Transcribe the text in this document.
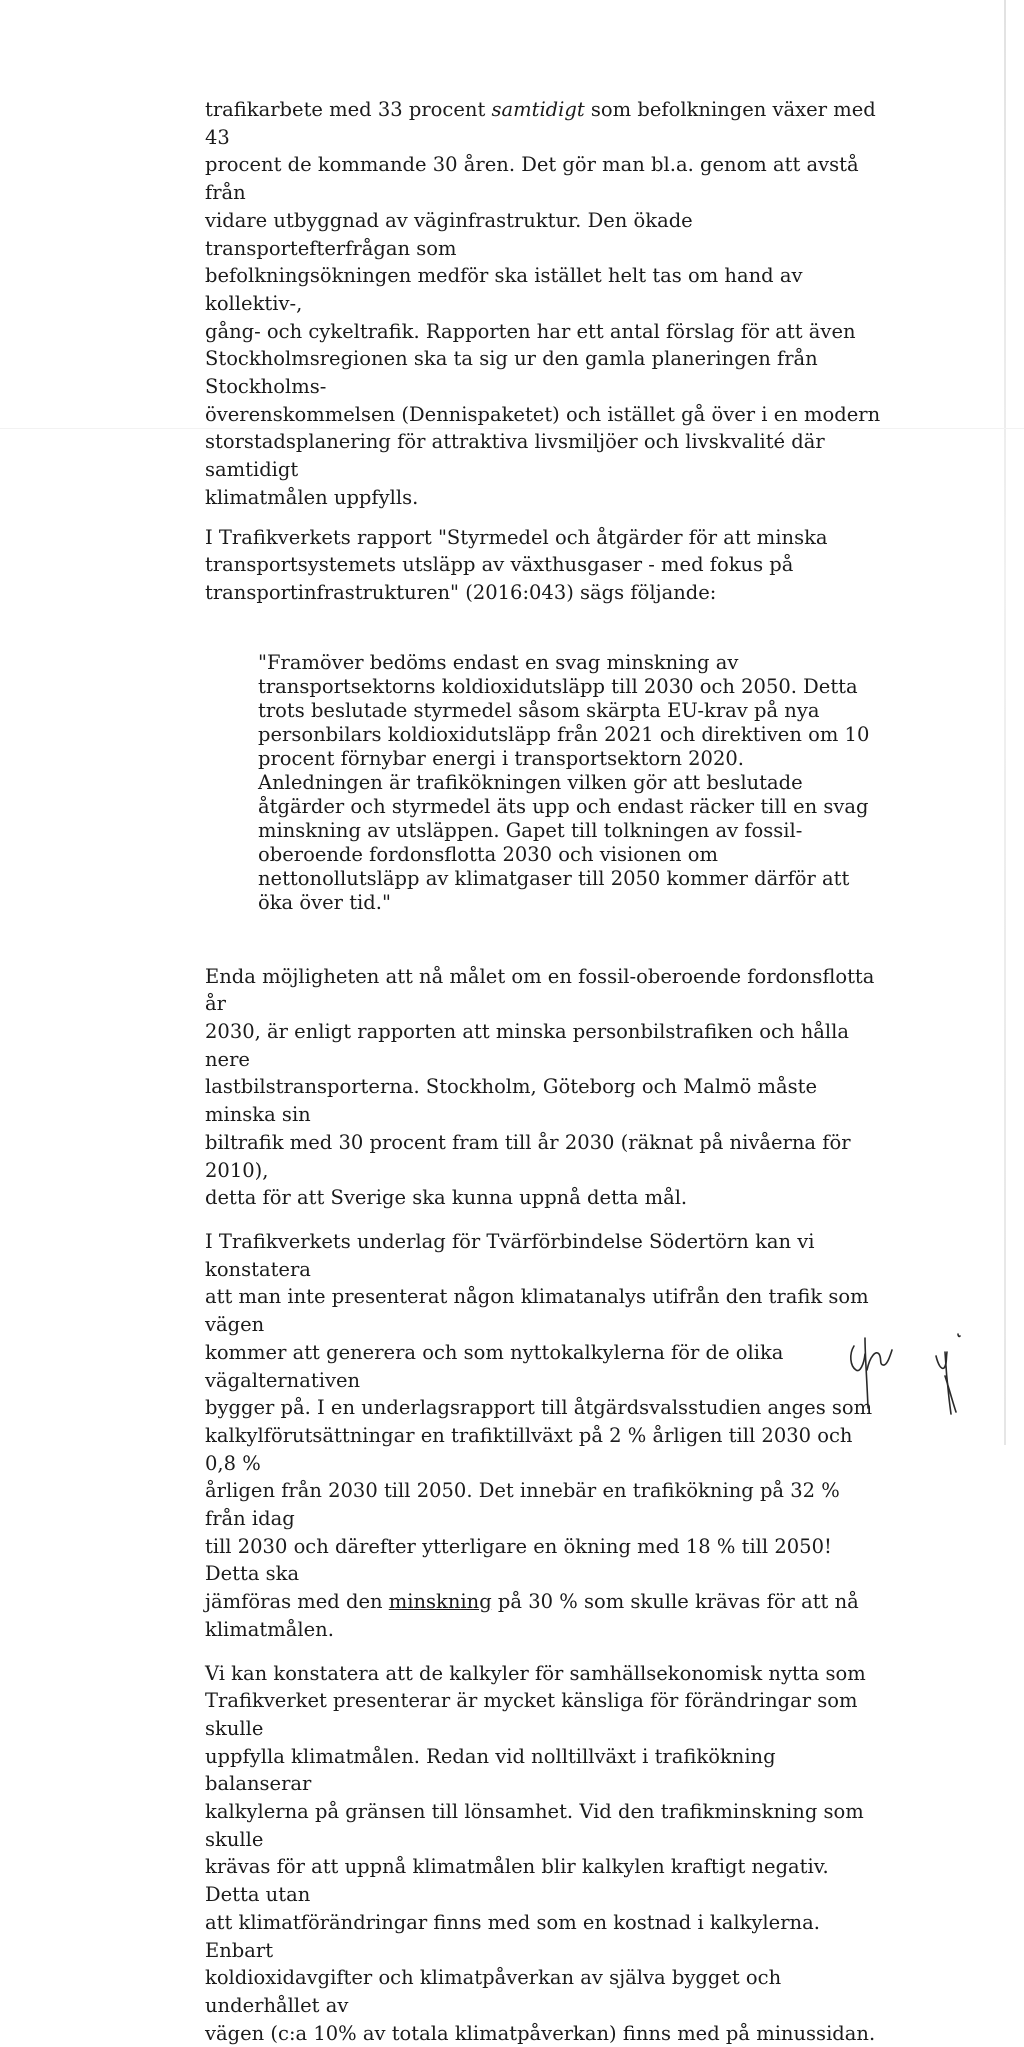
trafikarbete med 33 procent samtidigt som befolkningen växer med 43
procent de kommande 30 åren. Det gör man bl.a. genom att avstå från
vidare utbyggnad av väginfrastruktur. Den ökade transportefterfrågan som
befolkningsökningen medför ska istället helt tas om hand av kollektiv-,
gång- och cykeltrafik. Rapporten har ett antal förslag för att även
Stockholmsregionen ska ta sig ur den gamla planeringen från Stockholms-
överenskommelsen (Dennispaketet) och istället gå över i en modern
storstadsplanering för attraktiva livsmiljöer och livskvalité där samtidigt
klimatmålen uppfylls.

I Trafikverkets rapport "Styrmedel och åtgärder för att minska
transportsystemets utsläpp av växthusgaser - med fokus på
transportinfrastrukturen" (2016:043) sägs följande:

"Framöver bedöms endast en svag minskning av
transportsektorns koldioxidutsläpp till 2030 och 2050. Detta
trots beslutade styrmedel såsom skärpta EU-krav på nya
personbilars koldioxidutsläpp från 2021 och direktiven om 10
procent förnybar energi i transportsektorn 2020.
Anledningen är trafikökningen vilken gör att beslutade
åtgärder och styrmedel äts upp och endast räcker till en svag
minskning av utsläppen. Gapet till tolkningen av fossil-
oberoende fordonsflotta 2030 och visionen om
nettonollutsläpp av klimatgaser till 2050 kommer därför att
öka över tid."

Enda möjligheten att nå målet om en fossil-oberoende fordonsflotta år
2030, är enligt rapporten att minska personbilstrafiken och hålla nere
lastbilstransporterna. Stockholm, Göteborg och Malmö måste minska sin
biltrafik med 30 procent fram till år 2030 (räknat på nivåerna för 2010),
detta för att Sverige ska kunna uppnå detta mål.

I Trafikverkets underlag för Tvärförbindelse Södertörn kan vi konstatera
att man inte presenterat någon klimatanalys utifrån den trafik som vägen
kommer att generera och som nyttokalkylerna för de olika vägalternativen
bygger på. I en underlagsrapport till åtgärdsvalsstudien anges som
kalkylförutsättningar en trafiktillväxt på 2 % årligen till 2030 och 0,8 %
årligen från 2030 till 2050. Det innebär en trafikökning på 32 % från idag
till 2030 och därefter ytterligare en ökning med 18 % till 2050! Detta ska
jämföras med den minskning på 30 % som skulle krävas för att nå
klimatmålen.

Vi kan konstatera att de kalkyler för samhällsekonomisk nytta som
Trafikverket presenterar är mycket känsliga för förändringar som skulle
uppfylla klimatmålen. Redan vid nolltillväxt i trafikökning balanserar
kalkylerna på gränsen till lönsamhet. Vid den trafikminskning som skulle
krävas för att uppnå klimatmålen blir kalkylen kraftigt negativ. Detta utan
att klimatförändringar finns med som en kostnad i kalkylerna. Enbart
koldioxidavgifter och klimatpåverkan av själva bygget och underhållet av
vägen (c:a 10% av totala klimatpåverkan) finns med på minussidan.
